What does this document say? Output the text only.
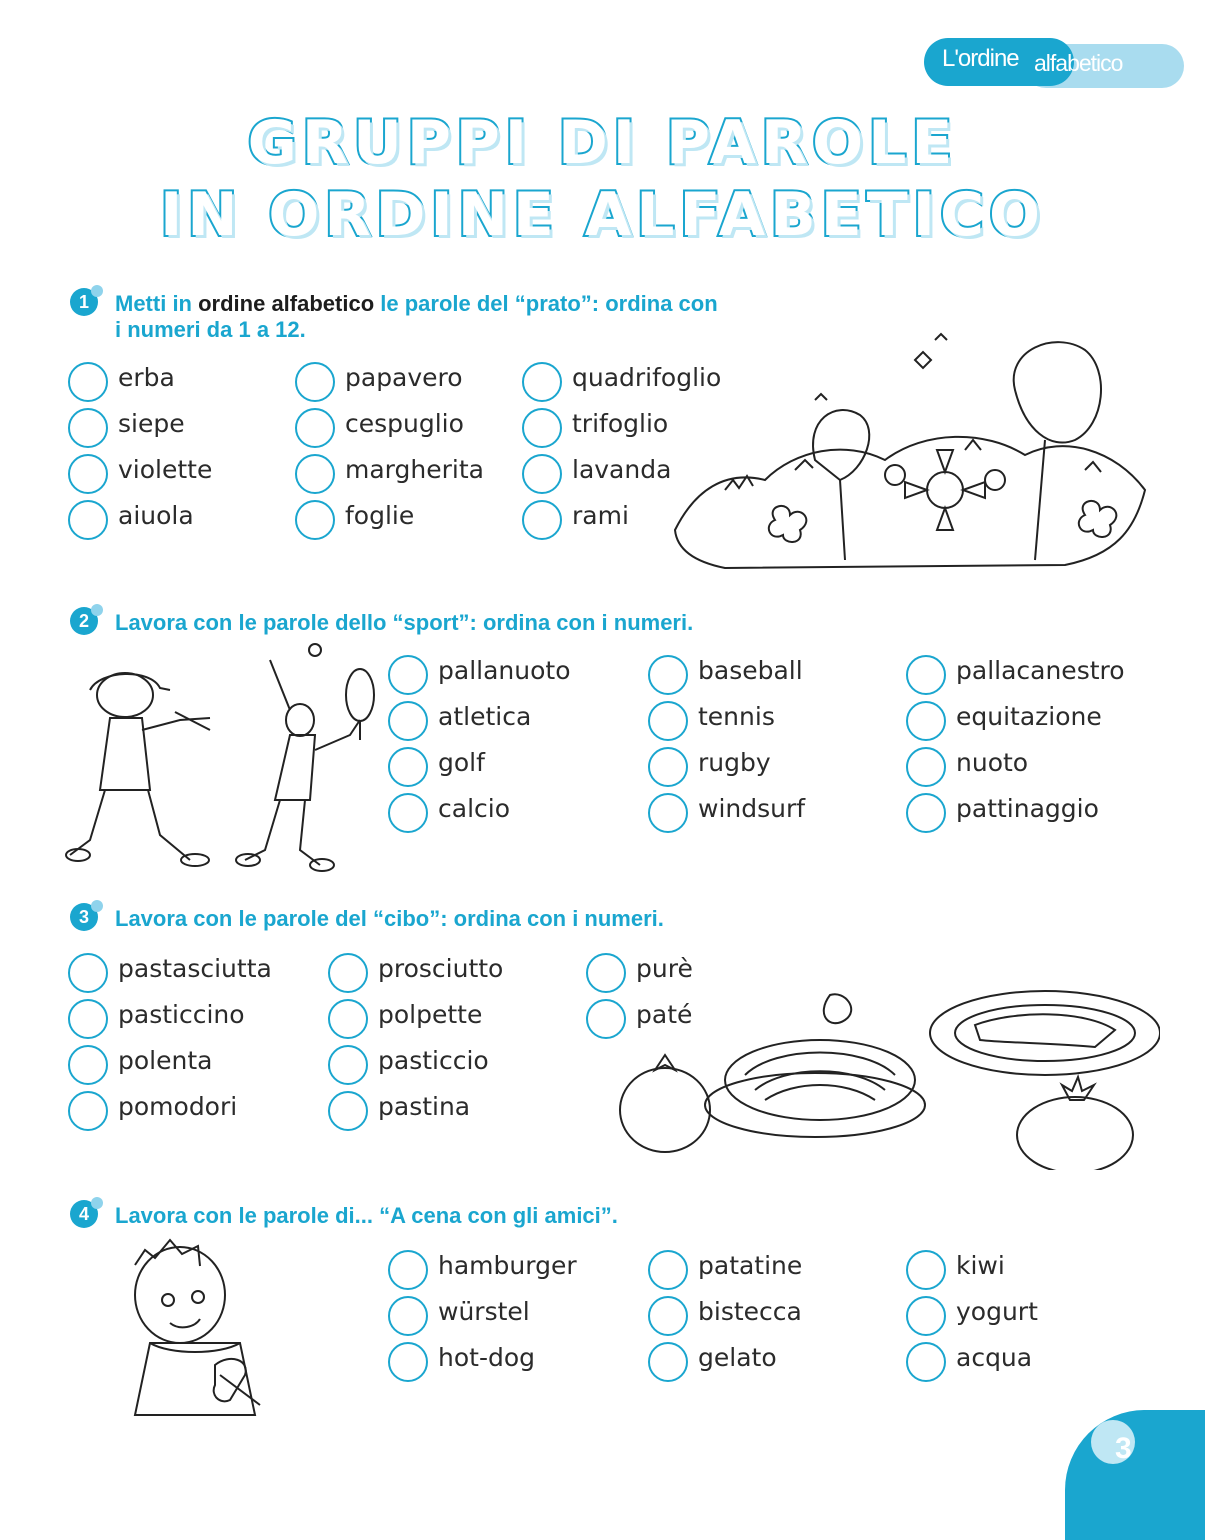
L'ordine alfabetico
GRUPPI DI PAROLE
IN ORDINE ALFABETICO
1	Metti in ordine alfabetico le parole del “prato”: ordina con
i numeri da 1 a 12.
erba
siepe
violette
aiuola
papavero
cespuglio
margherita
foglie
quadrifoglio
trifoglio
lavanda
rami
2	Lavora con le parole dello “sport”: ordina con i numeri.
pallanuoto
atletica
golf
calcio
baseball
tennis
rugby
windsurf
pallacanestro
equitazione
nuoto
pattinaggio
3	Lavora con le parole del “cibo”: ordina con i numeri.
pastasciutta
pasticcino
polenta
pomodori
prosciutto
polpette
pasticcio
pastina
purè
paté
4	Lavora con le parole di... “A cena con gli amici”.
hamburger
würstel
hot-dog
patatine
bistecca
gelato
kiwi
yogurt
acqua
3
